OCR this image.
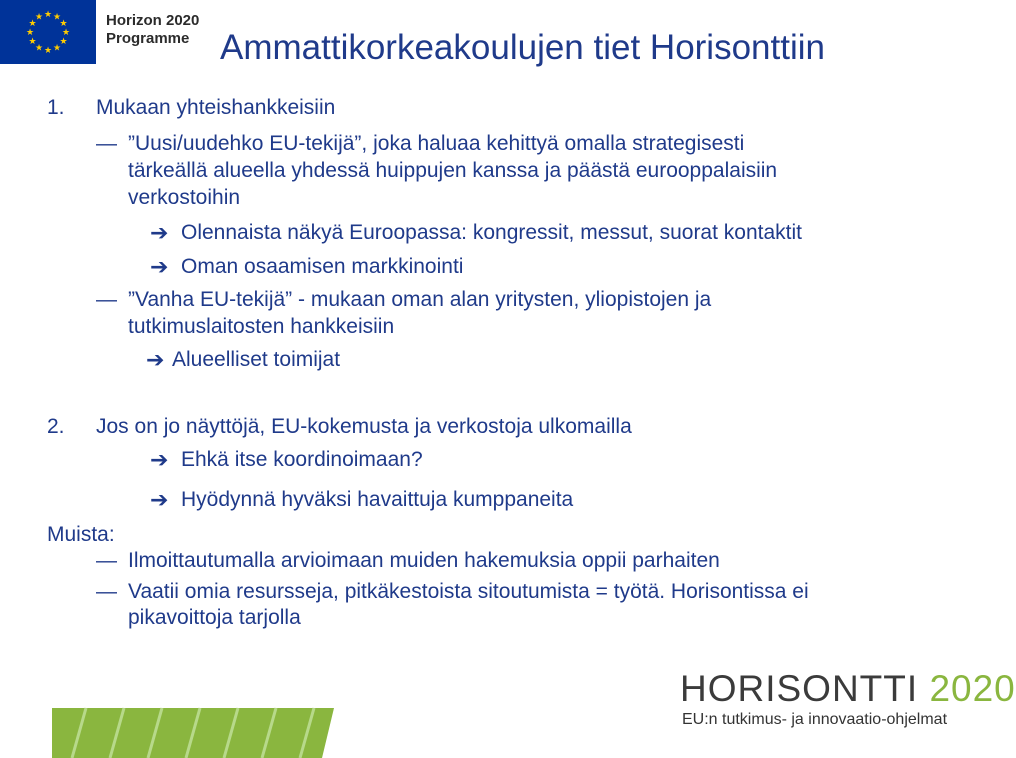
★ ★
★
★
★
★
★
★
★
★
★
★	Horizon 2020
Programme Ammattikorkeakoulujen tiet Horisonttiin
1. Mukaan yhteishankkeisiin
— ”Uusi/uudehko EU-tekijä”, joka haluaa kehittyä omalla strategisesti
tärkeällä alueella yhdessä huippujen kanssa ja päästä eurooppalaisiin
verkostoihin
➔ Olennaista näkyä Euroopassa: kongressit, messut, suorat kontaktit
➔ Oman osaamisen markkinointi
— ”Vanha EU-tekijä” - mukaan oman alan yritysten, yliopistojen ja
tutkimuslaitosten hankkeisiin
➔ Alueelliset toimijat
2. Jos on jo näyttöjä, EU-kokemusta ja verkostoja ulkomailla
➔ Ehkä itse koordinoimaan?
➔ Hyödynnä hyväksi havaittuja kumppaneita
Muista:
— Ilmoittautumalla arvioimaan muiden hakemuksia oppii parhaiten
— Vaatii omia resursseja, pitkäkestoista sitoutumista = työtä. Horisontissa ei
pikavoittoja tarjolla
HORISONTTI 2020
EU:n tutkimus- ja innovaatio-ohjelmat
